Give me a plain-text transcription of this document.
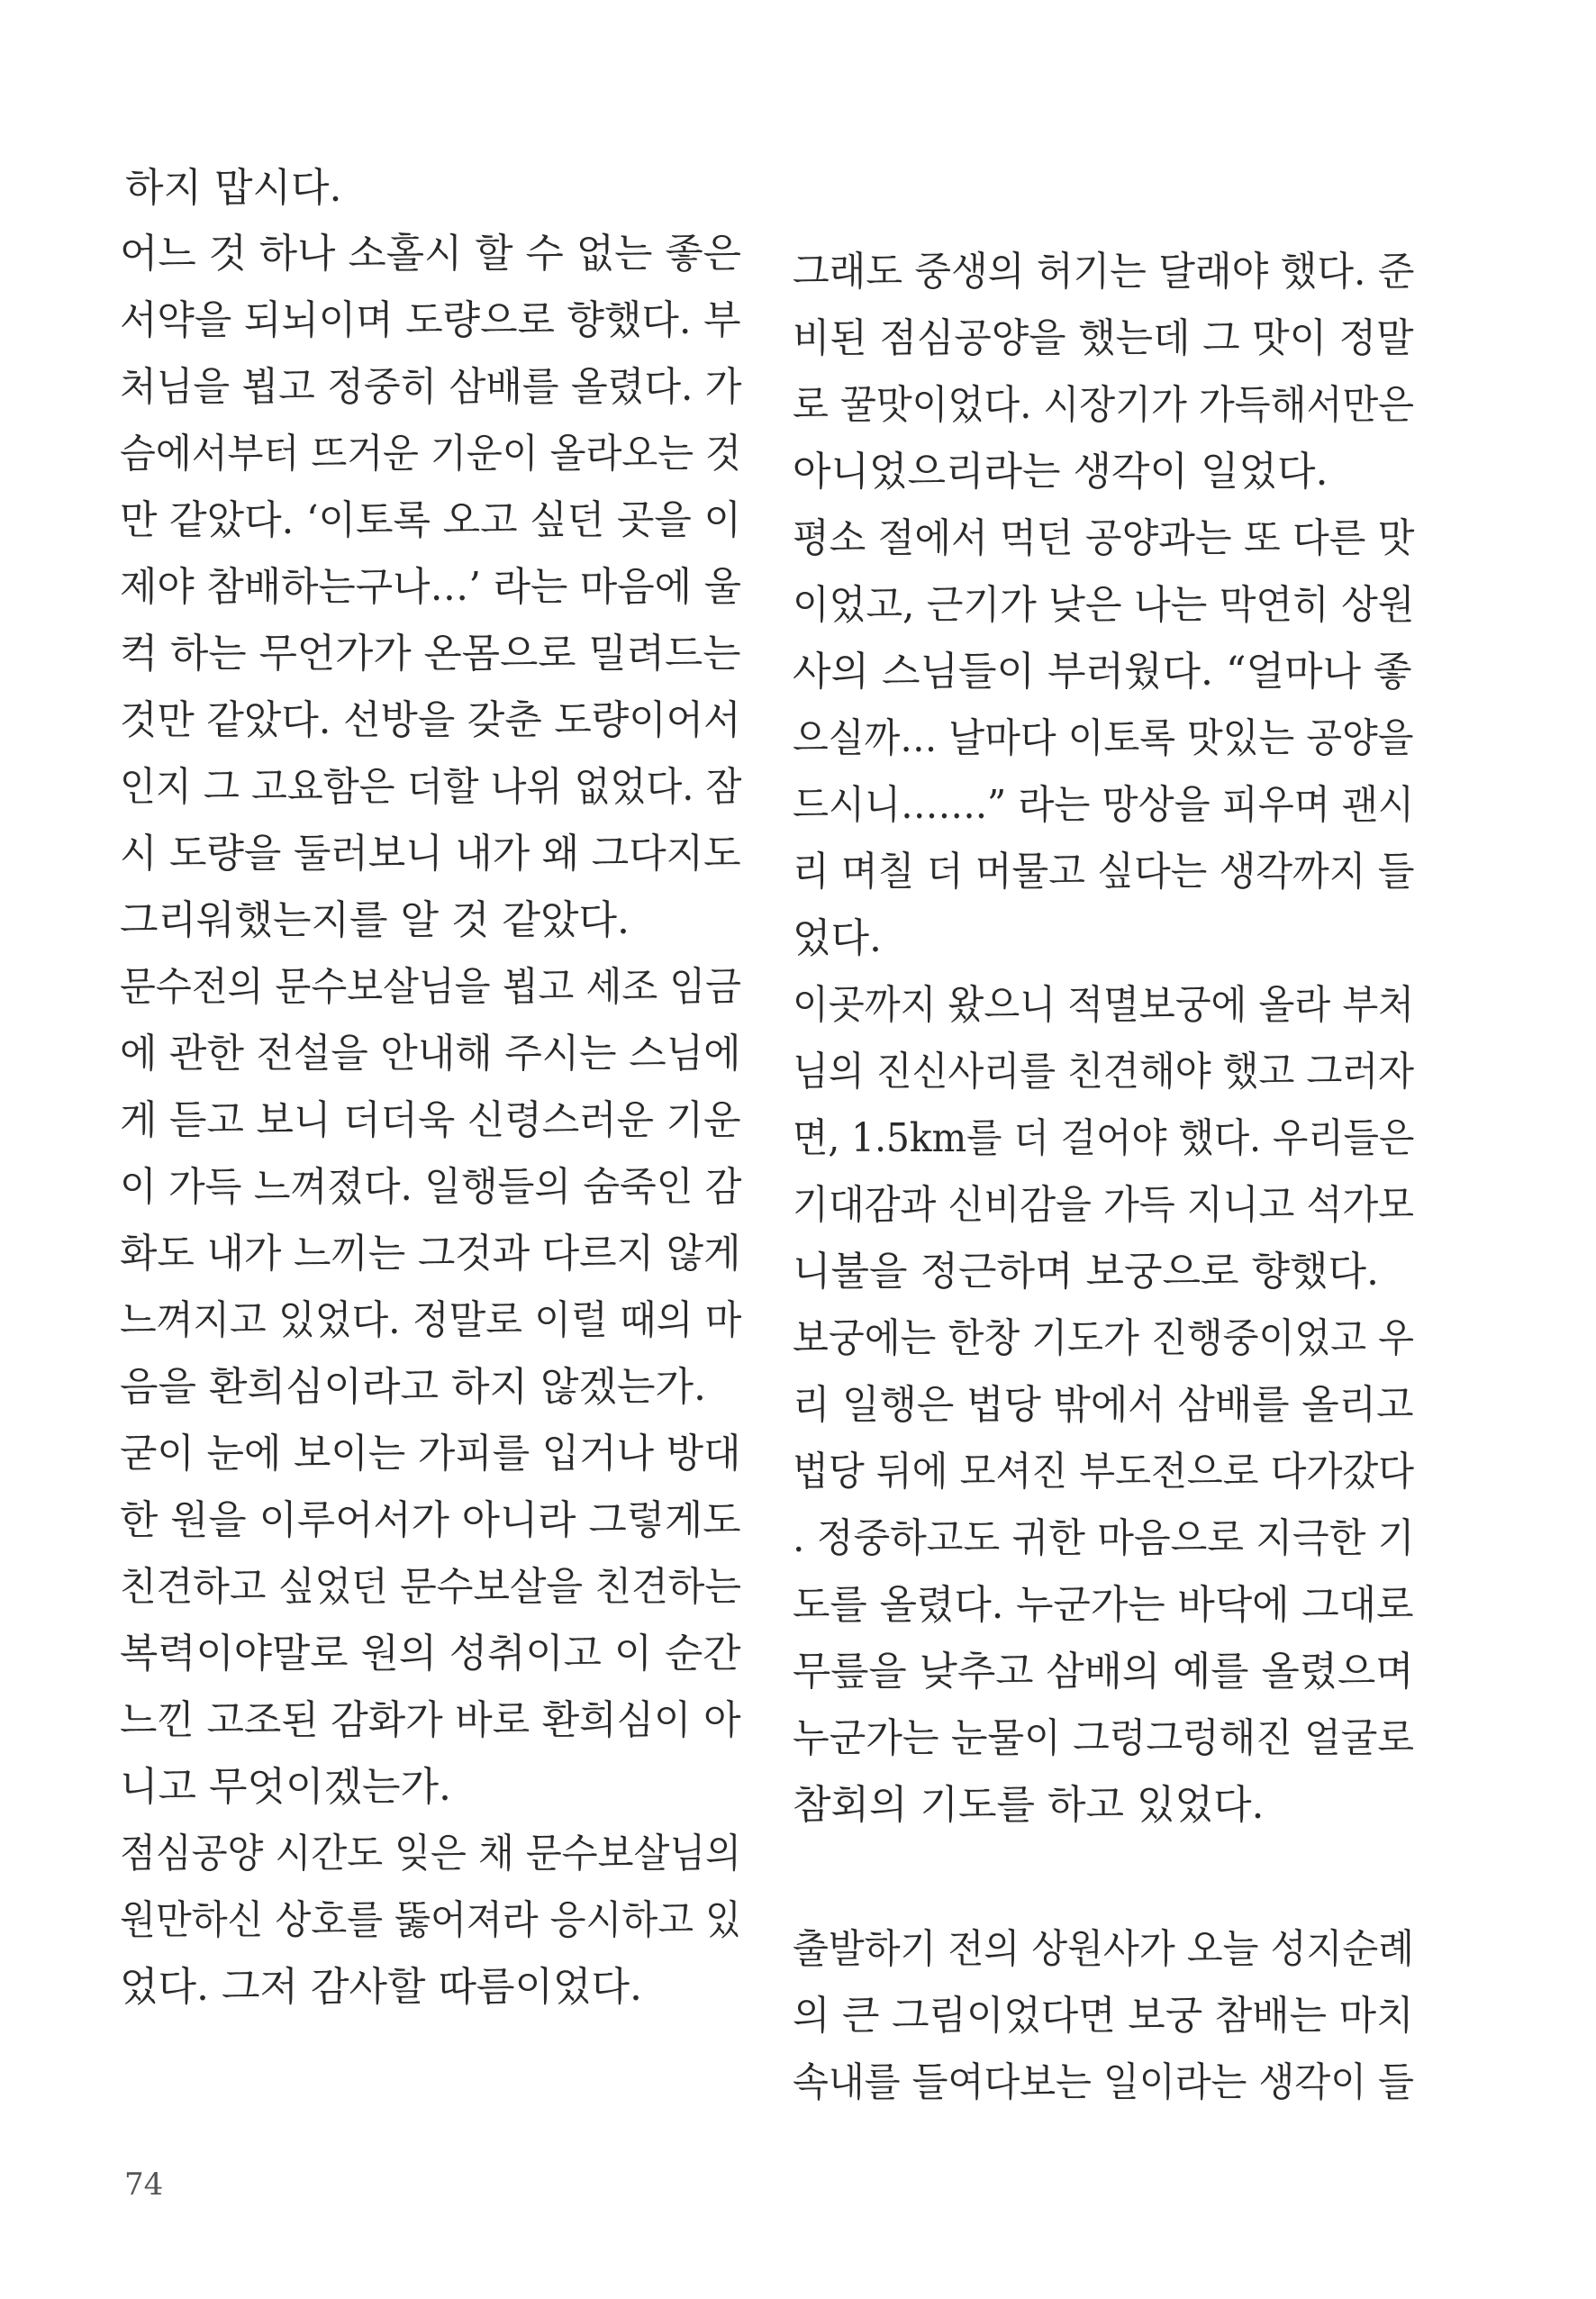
하지 맙시다.
어느 것 하나 소홀시 할 수 없는 좋은
서약을 되뇌이며 도량으로 향했다. 부
처님을 뵙고 정중히 삼배를 올렸다. 가
슴에서부터 뜨거운 기운이 올라오는 것
만 같았다. ‘이토록 오고 싶던 곳을 이
제야 참배하는구나…’ 라는 마음에 울
컥 하는 무언가가 온몸으로 밀려드는
것만 같았다. 선방을 갖춘 도량이어서
인지 그 고요함은 더할 나위 없었다. 잠
시 도량을 둘러보니 내가 왜 그다지도
그리워했는지를 알 것 같았다.
문수전의 문수보살님을 뵙고 세조 임금
에 관한 전설을 안내해 주시는 스님에
게 듣고 보니 더더욱 신령스러운 기운
이 가득 느껴졌다. 일행들의 숨죽인 감
화도 내가 느끼는 그것과 다르지 않게
느껴지고 있었다. 정말로 이럴 때의 마
음을 환희심이라고 하지 않겠는가.
굳이 눈에 보이는 가피를 입거나 방대
한 원을 이루어서가 아니라 그렇게도
친견하고 싶었던 문수보살을 친견하는
복력이야말로 원의 성취이고 이 순간
느낀 고조된 감화가 바로 환희심이 아
니고 무엇이겠는가.
점심공양 시간도 잊은 채 문수보살님의
원만하신 상호를 뚫어져라 응시하고 있
었다. 그저 감사할 따름이었다.
그래도 중생의 허기는 달래야 했다. 준
비된 점심공양을 했는데 그 맛이 정말
로 꿀맛이었다. 시장기가 가득해서만은
아니었으리라는 생각이 일었다.
평소 절에서 먹던 공양과는 또 다른 맛
이었고, 근기가 낮은 나는 막연히 상원
사의 스님들이 부러웠다. “얼마나 좋
으실까… 날마다 이토록 맛있는 공양을
드시니…….” 라는 망상을 피우며 괜시
리 며칠 더 머물고 싶다는 생각까지 들
었다.
이곳까지 왔으니 적멸보궁에 올라 부처
님의 진신사리를 친견해야 했고 그러자
면, 1.5km를 더 걸어야 했다. 우리들은
기대감과 신비감을 가득 지니고 석가모
니불을 정근하며 보궁으로 향했다.
보궁에는 한창 기도가 진행중이었고 우
리 일행은 법당 밖에서 삼배를 올리고
법당 뒤에 모셔진 부도전으로 다가갔다
. 정중하고도 귀한 마음으로 지극한 기
도를 올렸다. 누군가는 바닥에 그대로
무릎을 낮추고 삼배의 예를 올렸으며
누군가는 눈물이 그렁그렁해진 얼굴로
참회의 기도를 하고 있었다.
출발하기 전의 상원사가 오늘 성지순례
의 큰 그림이었다면 보궁 참배는 마치
속내를 들여다보는 일이라는 생각이 들
74
